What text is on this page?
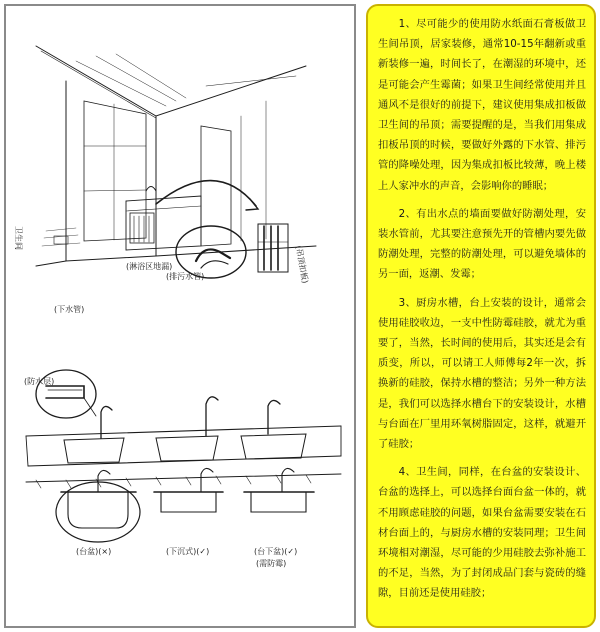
卫生间
(下水管)
(淋浴区地漏)
(排污水管)	(吊顶扣板)
(防水层)
(台盆)(×)	(下沉式)(✓)	(台下盆)(✓)
(需防霉)

1、尽可能少的使用防水纸面石膏板做卫生间吊顶，居家装修，通常10-15年翻新或重新装修一遍，时间长了，在潮湿的环境中，还是可能会产生霉菌；如果卫生间经常使用并且通风不是很好的前提下，建议使用集成扣板做卫生间的吊顶；需要提醒的是，当我们用集成扣板吊顶的时候，要做好外露的下水管、排污管的降噪处理，因为集成扣板比较薄，晚上楼上人家冲水的声音，会影响你的睡眠；

2、有出水点的墙面要做好防潮处理，安装水管前，尤其要注意预先开的管槽内要先做防潮处理，完整的防潮处理，可以避免墙体的另一面，返潮、发霉；

3、厨房水槽，台上安装的设计，通常会使用硅胶收边，一支中性防霉硅胶，就尤为重要了，当然，长时间的使用后，其实还是会有质变，所以，可以请工人师傅每2年一次，拆换新的硅胶，保持水槽的整洁；另外一种方法是，我们可以选择水槽台下的安装设计，水槽与台面在厂里用环氧树脂固定，这样，就避开了硅胶；

4、卫生间，同样，在台盆的安装设计、台盆的选择上，可以选择台面台盆一体的，就不用顾虑硅胶的问题，如果台盆需要安装在石材台面上的，与厨房水槽的安装同理；卫生间环境相对潮湿，尽可能的少用硅胶去弥补施工的不足，当然，为了封闭成品门套与瓷砖的缝隙，目前还是使用硅胶；
